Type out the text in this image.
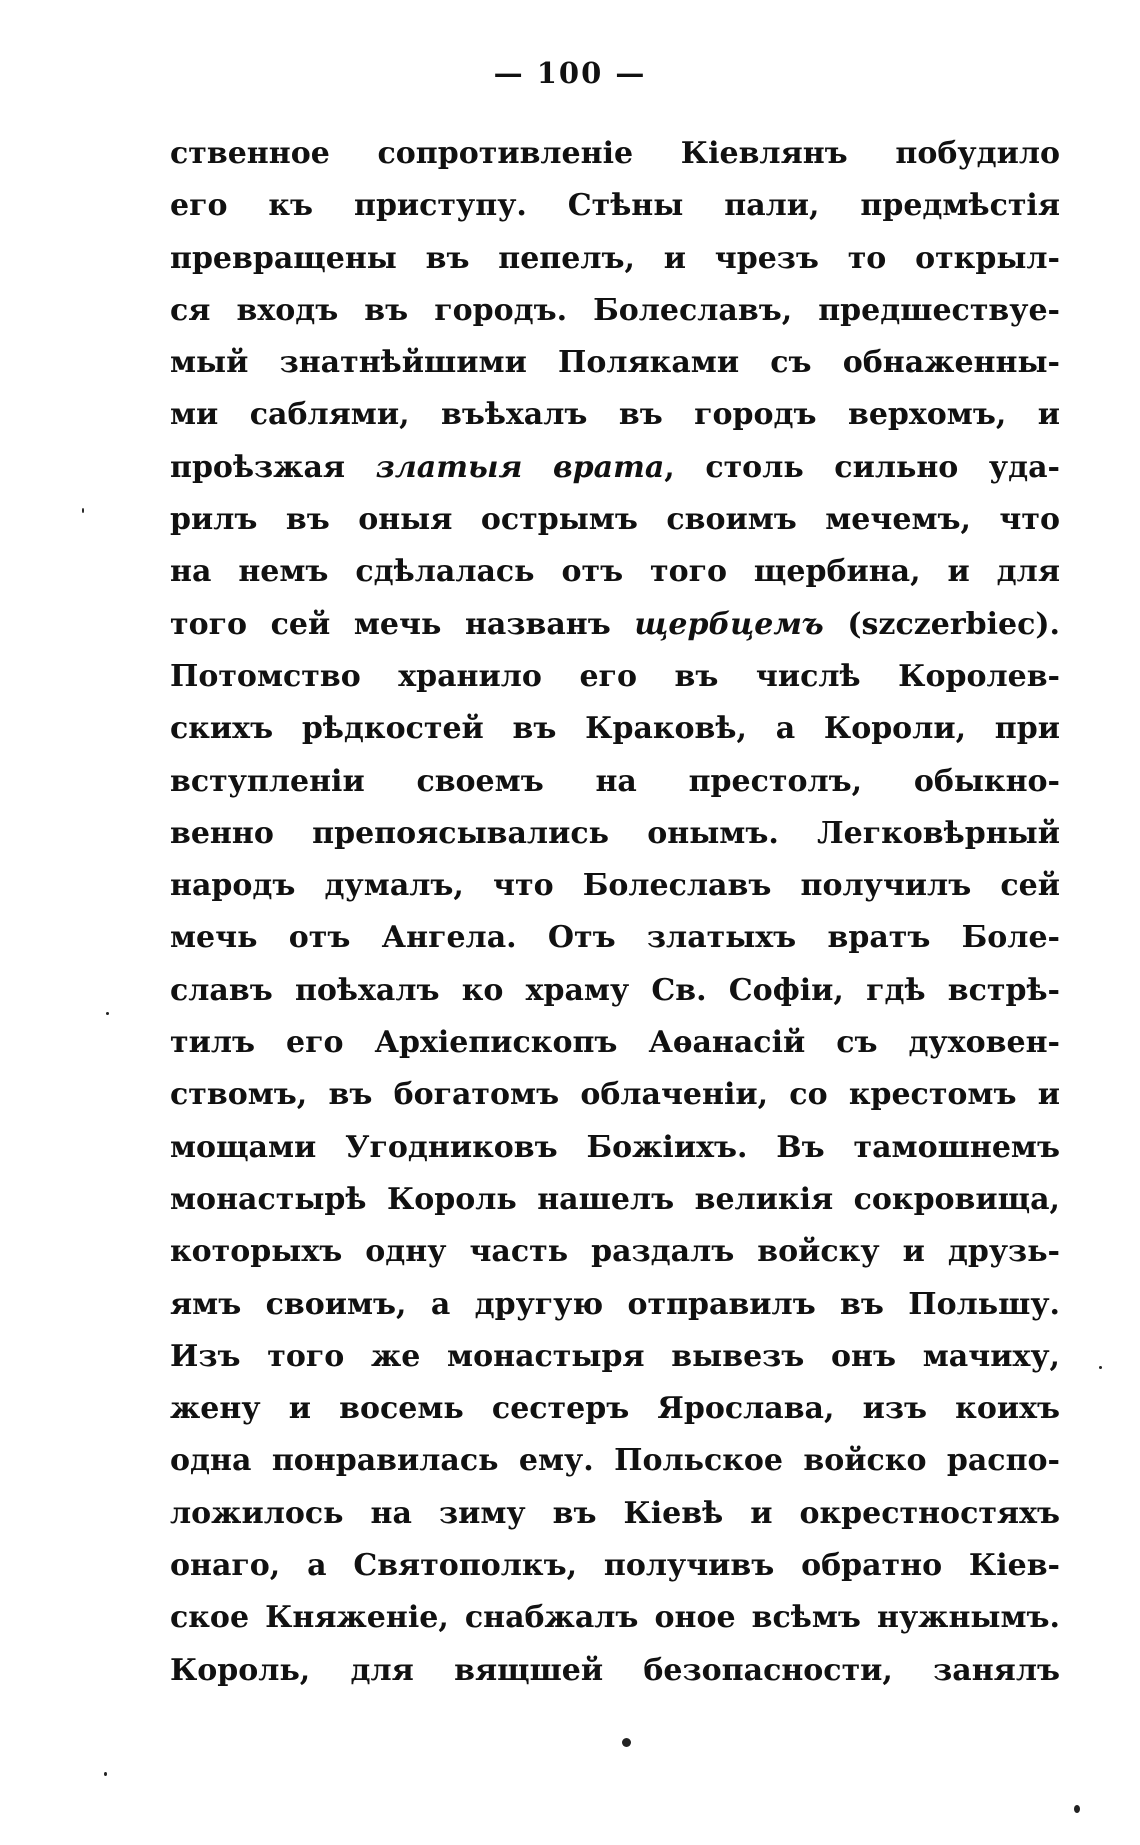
— 100 —
ственное сопротивленіе Кіевлянъ побудило
его къ приступу. Стѣны пали, предмѣстія
превращены въ пепелъ, и чрезъ то открыл-
ся входъ въ городъ. Болеславъ, предшествуе-
мый знатнѣйшими Поляками съ обнаженны-
ми саблями, въѣхалъ въ городъ верхомъ, и
проѣзжая златыя врата, столь сильно уда-
рилъ въ оныя острымъ своимъ мечемъ, что
на немъ сдѣлалась отъ того щербина, и для
того сей мечь названъ щербцемъ (szczerbiec).
Потомство хранило его въ числѣ Королев-
скихъ рѣдкостей въ Краковѣ, а Короли, при
вступленіи своемъ на престолъ, обыкно-
венно препоясывались онымъ. Легковѣрный
народъ думалъ, что Болеславъ получилъ сей
мечь отъ Ангела. Отъ златыхъ вратъ Боле-
славъ поѣхалъ ко храму Св. Софіи, гдѣ встрѣ-
тилъ его Архіепископъ Аѳанасій съ духовен-
ствомъ, въ богатомъ облаченіи, со крестомъ и
мощами Угодниковъ Божіихъ. Въ тамошнемъ
монастырѣ Король нашелъ великія сокровища,
которыхъ одну часть раздалъ войску и друзь-
ямъ своимъ, а другую отправилъ въ Польшу.
Изъ того же монастыря вывезъ онъ мачиху,
жену и восемь сестеръ Ярослава, изъ коихъ
одна понравилась ему. Польское войско распо-
ложилось на зиму въ Кіевѣ и окрестностяхъ
онаго, а Святополкъ, получивъ обратно Кіев-
ское Княженіе, снабжалъ оное всѣмъ нужнымъ.
Король, для вящшей безопасности, занялъ
